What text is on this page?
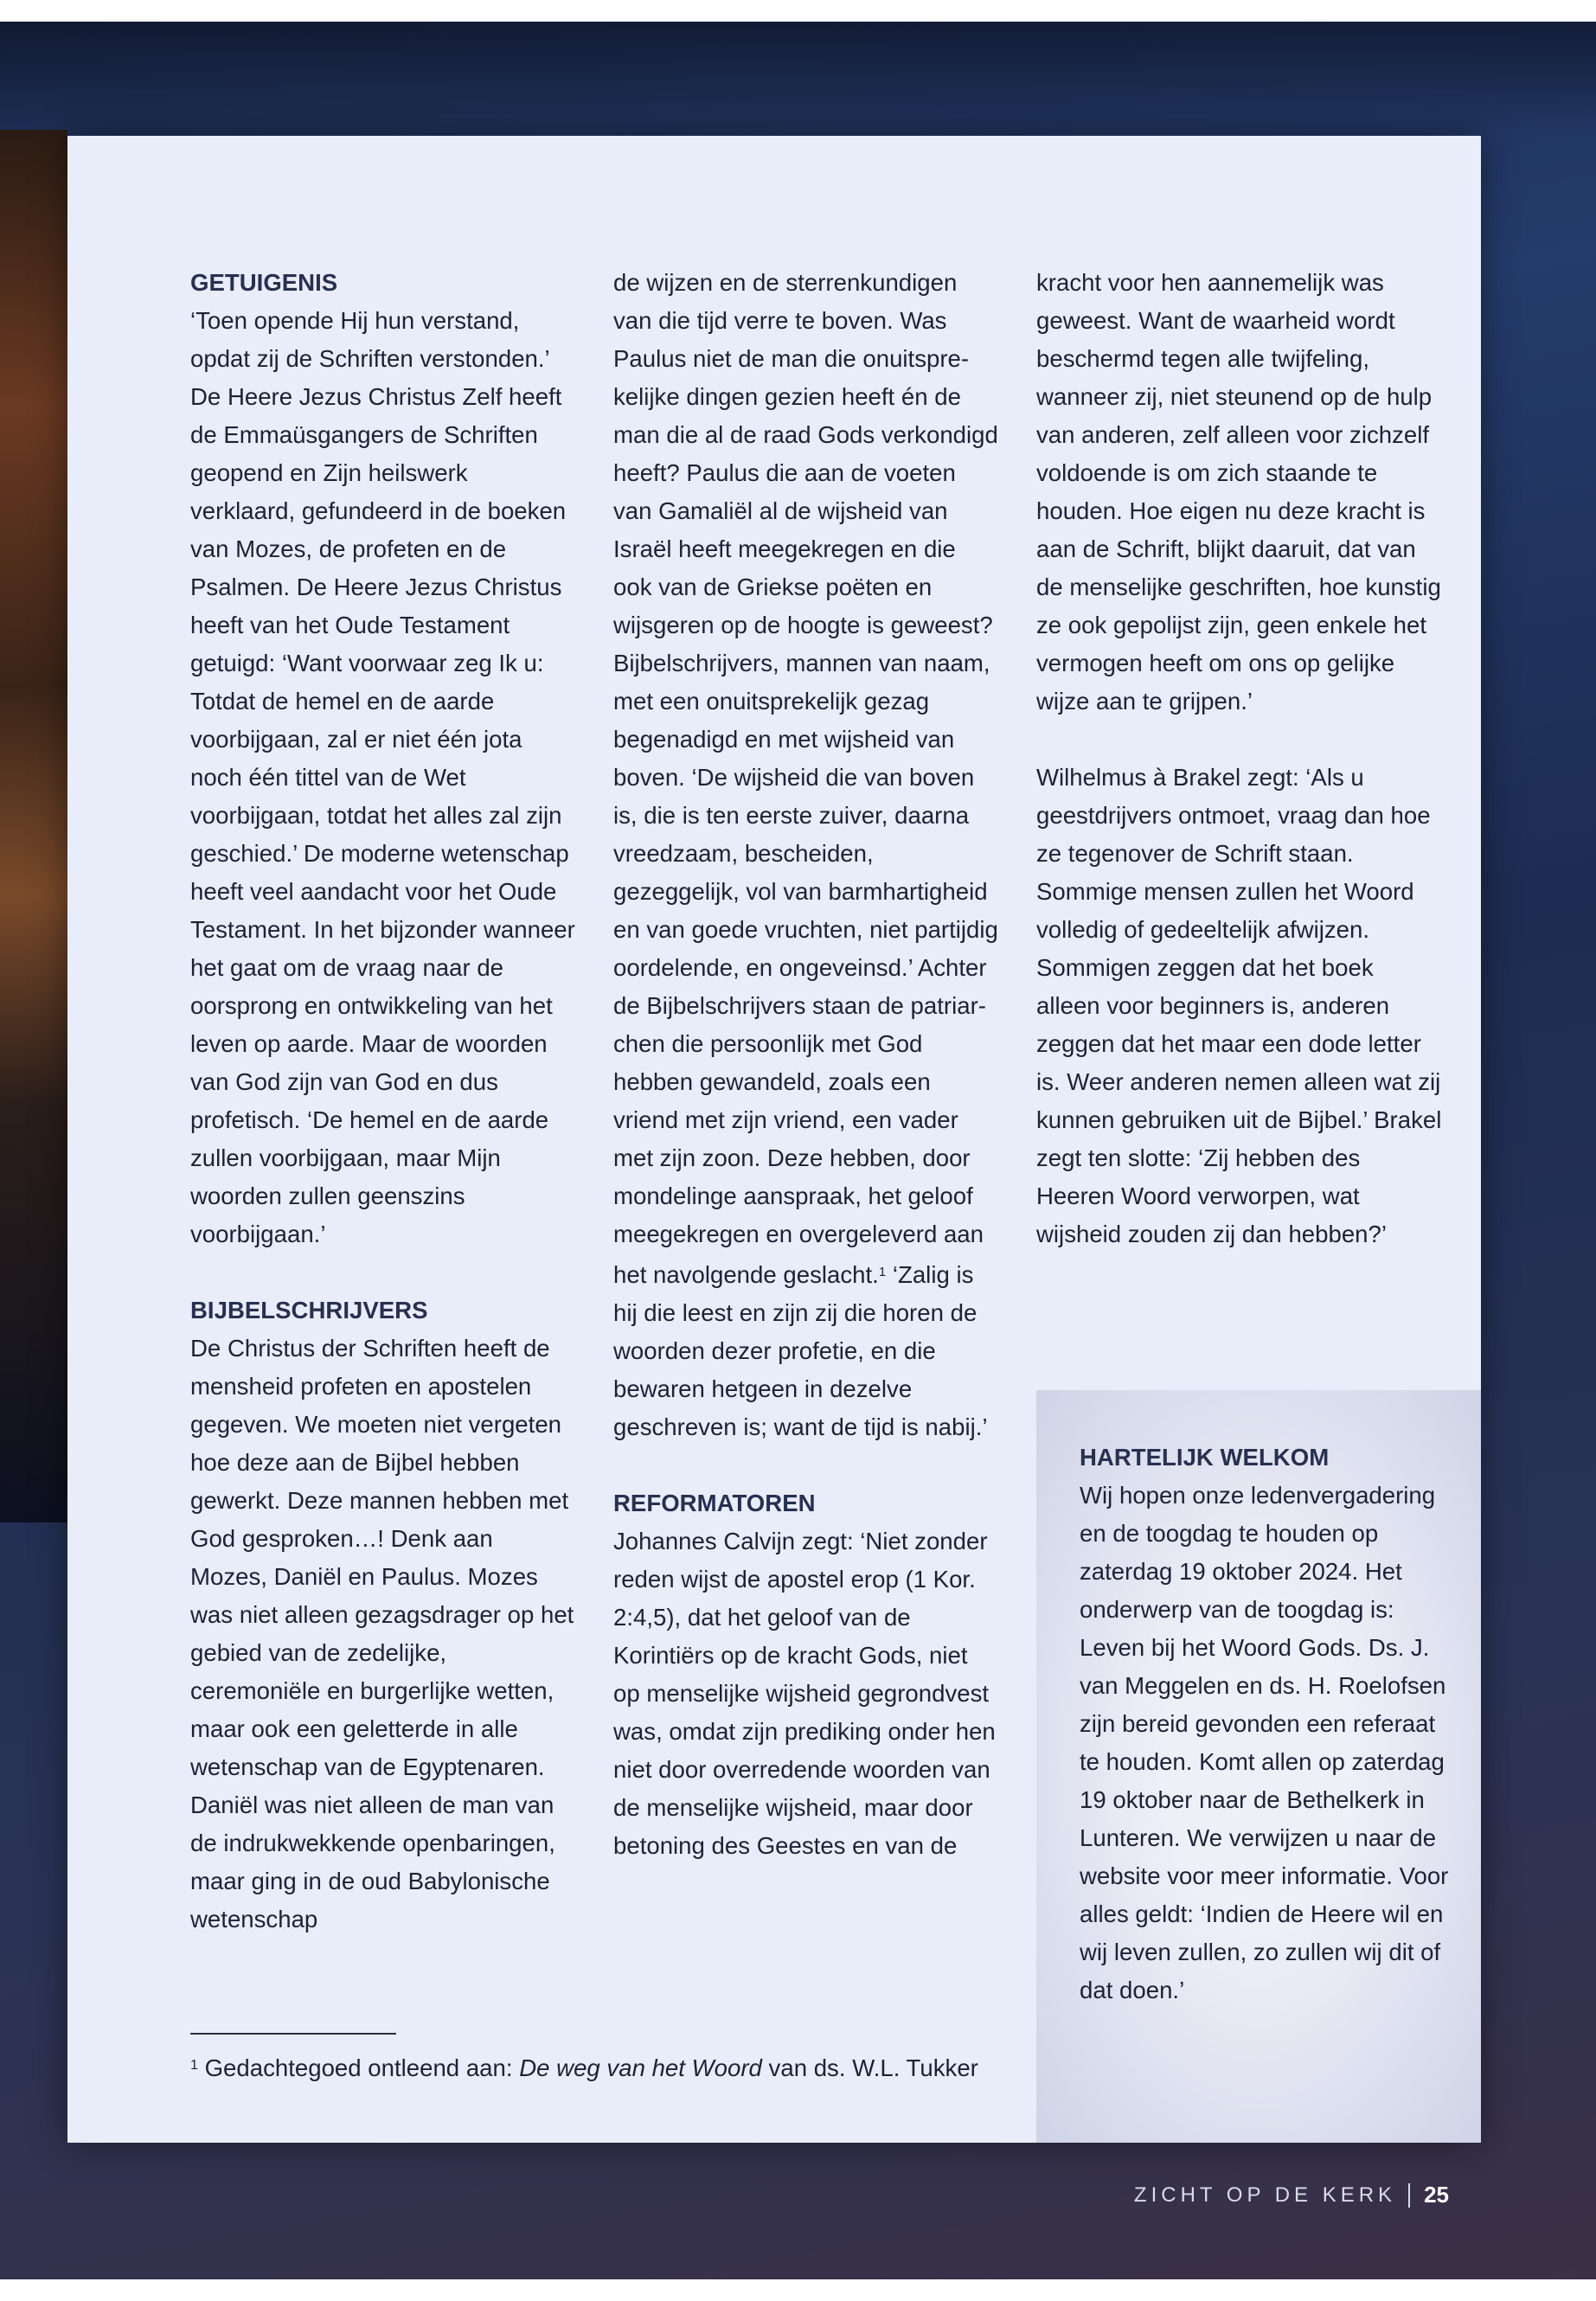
GETUIGENIS

‘Toen opende Hij hun verstand, opdat zij de Schriften verstonden.’ De Heere Jezus Christus Zelf heeft de Emmaüsgangers de Schriften geopend en Zijn heilswerk verklaard, gefundeerd in de boeken van Mozes, de profeten en de Psalmen. De Heere Jezus Christus heeft van het Oude Testament getuigd: ‘Want voorwaar zeg Ik u: Totdat de hemel en de aarde voorbijgaan, zal er niet één jota noch één tittel van de Wet voorbijgaan, totdat het alles zal zijn geschied.’ De moderne wetenschap heeft veel aandacht voor het Oude Testament. In het bijzonder wanneer het gaat om de vraag naar de oorsprong en ontwikkeling van het leven op aarde. Maar de woorden van God zijn van God en dus profetisch. ‘De hemel en de aarde zullen voorbijgaan, maar Mijn woorden zullen geenszins voorbijgaan.’

BIJBELSCHRIJVERS

De Christus der Schriften heeft de mensheid profeten en apostelen gegeven. We moeten niet vergeten hoe deze aan de Bijbel hebben gewerkt. Deze mannen hebben met God gesproken…! Denk aan Mozes, Daniël en Paulus. Mozes was niet alleen gezagsdrager op het gebied van de zedelijke, ceremoniële en burgerlijke wetten, maar ook een geletterde in alle wetenschap van de Egyptenaren. Daniël was niet alleen de man van de indrukwekkende openbaringen, maar ging in de oud Babylonische wetenschap

de wijzen en de sterrenkundigen van die tijd verre te boven. Was Paulus niet de man die onuitsprekelijke dingen gezien heeft én de man die al de raad Gods verkondigd heeft? Paulus die aan de voeten van Gamaliël al de wijsheid van Israël heeft meegekregen en die ook van de Griekse poëten en wijsgeren op de hoogte is geweest? Bijbelschrijvers, mannen van naam, met een onuitsprekelijk gezag begenadigd en met wijsheid van boven. ‘De wijsheid die van boven is, die is ten eerste zuiver, daarna vreedzaam, bescheiden, gezeggelijk, vol van barmhartigheid en van goede vruchten, niet partijdig oordelende, en ongeveinsd.’ Achter de Bijbelschrijvers staan de patriarchen die persoonlijk met God hebben gewandeld, zoals een vriend met zijn vriend, een vader met zijn zoon. Deze hebben, door mondelinge aanspraak, het geloof meegekregen en overgeleverd aan het navolgende geslacht.$^1$ ‘Zalig is hij die leest en zijn zij die horen de woorden dezer profetie, en die bewaren hetgeen in dezelve geschreven is; want de tijd is nabij.’

REFORMATOREN

Johannes Calvijn zegt: ‘Niet zonder reden wijst de apostel erop (1 Kor. 2:4,5), dat het geloof van de Korintiërs op de kracht Gods, niet op menselijke wijsheid gegrondvest was, omdat zijn prediking onder hen niet door overredende woorden van de menselijke wijsheid, maar door betoning des Geestes en van de

kracht voor hen aannemelijk was geweest. Want de waarheid wordt beschermd tegen alle twijfeling, wanneer zij, niet steunend op de hulp van anderen, zelf alleen voor zichzelf voldoende is om zich staande te houden. Hoe eigen nu deze kracht is aan de Schrift, blijkt daaruit, dat van de menselijke geschriften, hoe kunstig ze ook gepolijst zijn, geen enkele het vermogen heeft om ons op gelijke wijze aan te grijpen.’

Wilhelmus à Brakel zegt: ‘Als u geestdrijvers ontmoet, vraag dan hoe ze tegenover de Schrift staan. Sommige mensen zullen het Woord volledig of gedeeltelijk afwijzen. Sommigen zeggen dat het boek alleen voor beginners is, anderen zeggen dat het maar een dode letter is. Weer anderen nemen alleen wat zij kunnen gebruiken uit de Bijbel.’ Brakel zegt ten slotte: ‘Zij hebben des Heeren Woord verworpen, wat wijsheid zouden zij dan hebben?’

HARTELIJK WELKOM

Wij hopen onze ledenvergadering en de toogdag te houden op zaterdag 19 oktober 2024. Het onderwerp van de toogdag is: Leven bij het Woord Gods. Ds. J. van Meggelen en ds. H. Roelofsen zijn bereid gevonden een referaat te houden. Komt allen op zaterdag 19 oktober naar de Bethelkerk in Lunteren. We verwijzen u naar de website voor meer informatie. Voor alles geldt: ‘Indien de Heere wil en wij leven zullen, zo zullen wij dit of dat doen.’

$^1$ Gedachtegoed ontleend aan: De weg van het Woord van ds. W.L. Tukker
ZICHT OP DE KERK 25
